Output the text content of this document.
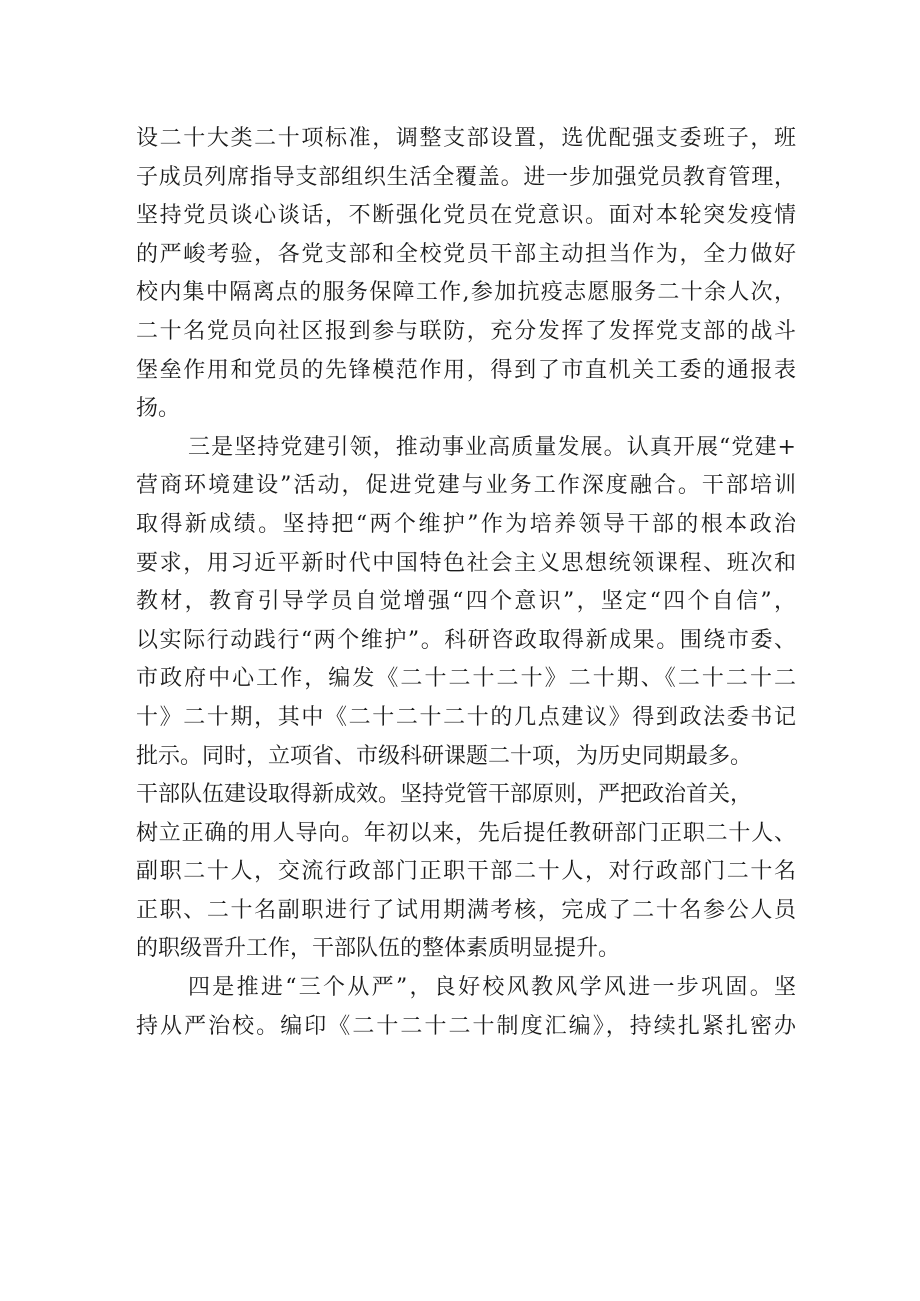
设二十大类二十项标准，调整支部设置，选优配强支委班子，班
子成员列席指导支部组织生活全覆盖。进一步加强党员教育管理，
坚持党员谈心谈话，不断强化党员在党意识。面对本轮突发疫情
的严峻考验，各党支部和全校党员干部主动担当作为，全力做好
校内集中隔离点的服务保障工作,参加抗疫志愿服务二十余人次，
二十名党员向社区报到参与联防，充分发挥了发挥党支部的战斗
堡垒作用和党员的先锋模范作用，得到了市直机关工委的通报表
扬。
三是坚持党建引领，推动事业高质量发展。认真开展“党建+
营商环境建设”活动，促进党建与业务工作深度融合。干部培训
取得新成绩。坚持把“两个维护”作为培养领导干部的根本政治
要求，用习近平新时代中国特色社会主义思想统领课程、班次和
教材，教育引导学员自觉增强“四个意识”，坚定“四个自信”，
以实际行动践行“两个维护”。科研咨政取得新成果。围绕市委、
市政府中心工作，编发《二十二十二十》二十期、《二十二十二
十》二十期，其中《二十二十二十的几点建议》得到政法委书记
批示。同时，立项省、市级科研课题二十项，为历史同期最多。
干部队伍建设取得新成效。坚持党管干部原则，严把政治首关，
树立正确的用人导向。年初以来，先后提任教研部门正职二十人、
副职二十人，交流行政部门正职干部二十人，对行政部门二十名
正职、二十名副职进行了试用期满考核，完成了二十名参公人员
的职级晋升工作，干部队伍的整体素质明显提升。
四是推进“三个从严”，良好校风教风学风进一步巩固。坚
持从严治校。编印《二十二十二十制度汇编》，持续扎紧扎密办
